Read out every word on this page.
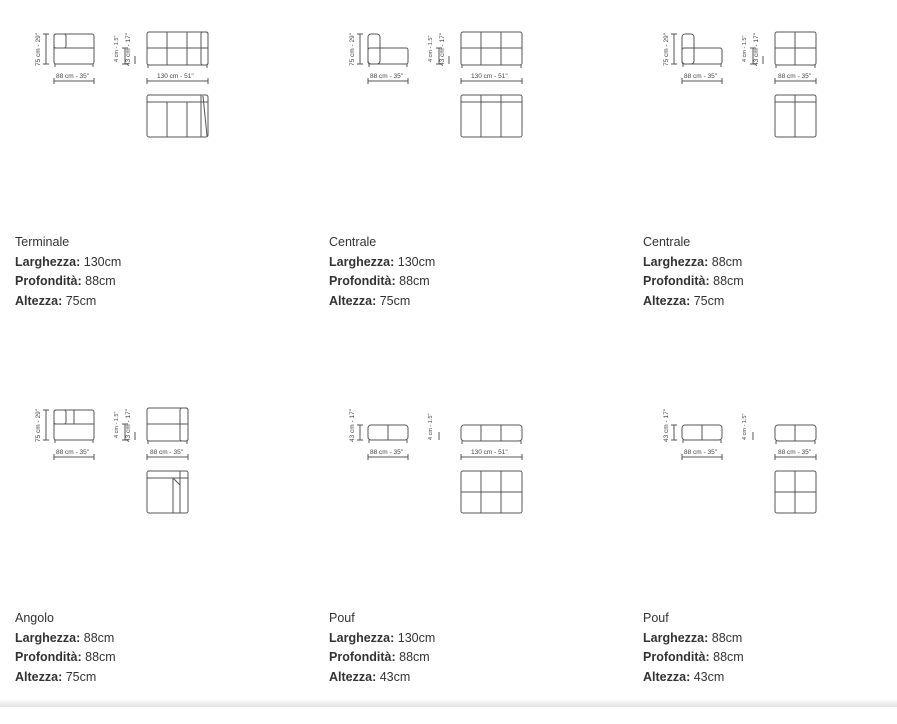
75 cm - 29"
88 cm - 35"
4 cm - 1.5" 43 cm - 17"
130 cm - 51"
Terminale
Larghezza: 130cm
Profondità: 88cm
Altezza: 75cm
75 cm - 29"
88 cm - 35"
4 cm - 1.5" 43 cm - 17"
130 cm - 51"
Centrale
Larghezza: 130cm
Profondità: 88cm
Altezza: 75cm
75 cm - 29"
88 cm - 35"
4 cm - 1.5" 43 cm - 17"
88 cm - 35"
Centrale
Larghezza: 88cm
Profondità: 88cm
Altezza: 75cm
75 cm - 29"
88 cm - 35"
4 cm - 1.5" 43 cm - 17"
88 cm - 35"
Angolo
Larghezza: 88cm
Profondità: 88cm
Altezza: 75cm
43 cm - 17"
88 cm - 35"
4 cm - 1.5"
130 cm - 51"
Pouf
Larghezza: 130cm
Profondità: 88cm
Altezza: 43cm
43 cm - 17"
88 cm - 35"
4 cm - 1.5"
88 cm - 35"
Pouf
Larghezza: 88cm
Profondità: 88cm
Altezza: 43cm
